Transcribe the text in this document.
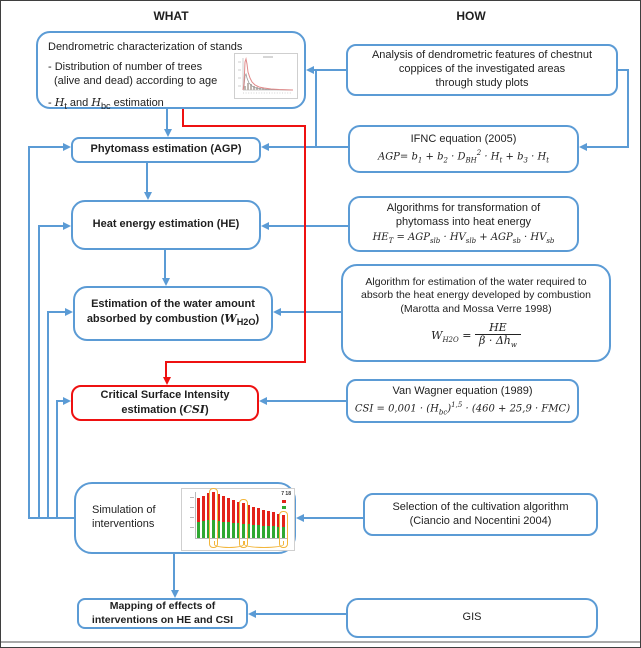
WHAT	HOW
Dendrometric characterization of stands
- Distribution of number of trees
(alive and dead) according to age
- $H_t$ and $H_{bc}$ estimation
Phytomass estimation (AGP)
Heat energy estimation (HE)
Estimation of the water amount
absorbed by combustion $(W_{H2O})$
Critical Surface Intensity
estimation (CSI)
Simulation of
interventions
7 18
Mapping of effects of
interventions on HE and CSI
Analysis of dendrometric features of chestnut
coppices of the investigated areas
through study plots
IFNC equation (2005)
$AGP= b_1 + b_2 \cdot D_{BH}^2 \cdot H_t + b_3 \cdot H_t$
Algorithms for transformation of
phytomass into heat energy
$HE_T = AGP_{slb} \cdot HV_{slb} + AGP_{sb} \cdot HV_{sb}$
Algorithm for estimation of the water required to
absorb the heat energy developed by combustion
(Marotta and Mossa Verre 1998)
$W_{H2O} = \frac{HE}{\beta \cdot \Delta h_w}$
Van Wagner equation (1989)
CSI = $0,001 \cdot (H_{bc})^{1,5} \cdot (460 + 25,9 \cdot FMC)$
Selection of the cultivation algorithm
(Ciancio and Nocentini 2004)
GIS
